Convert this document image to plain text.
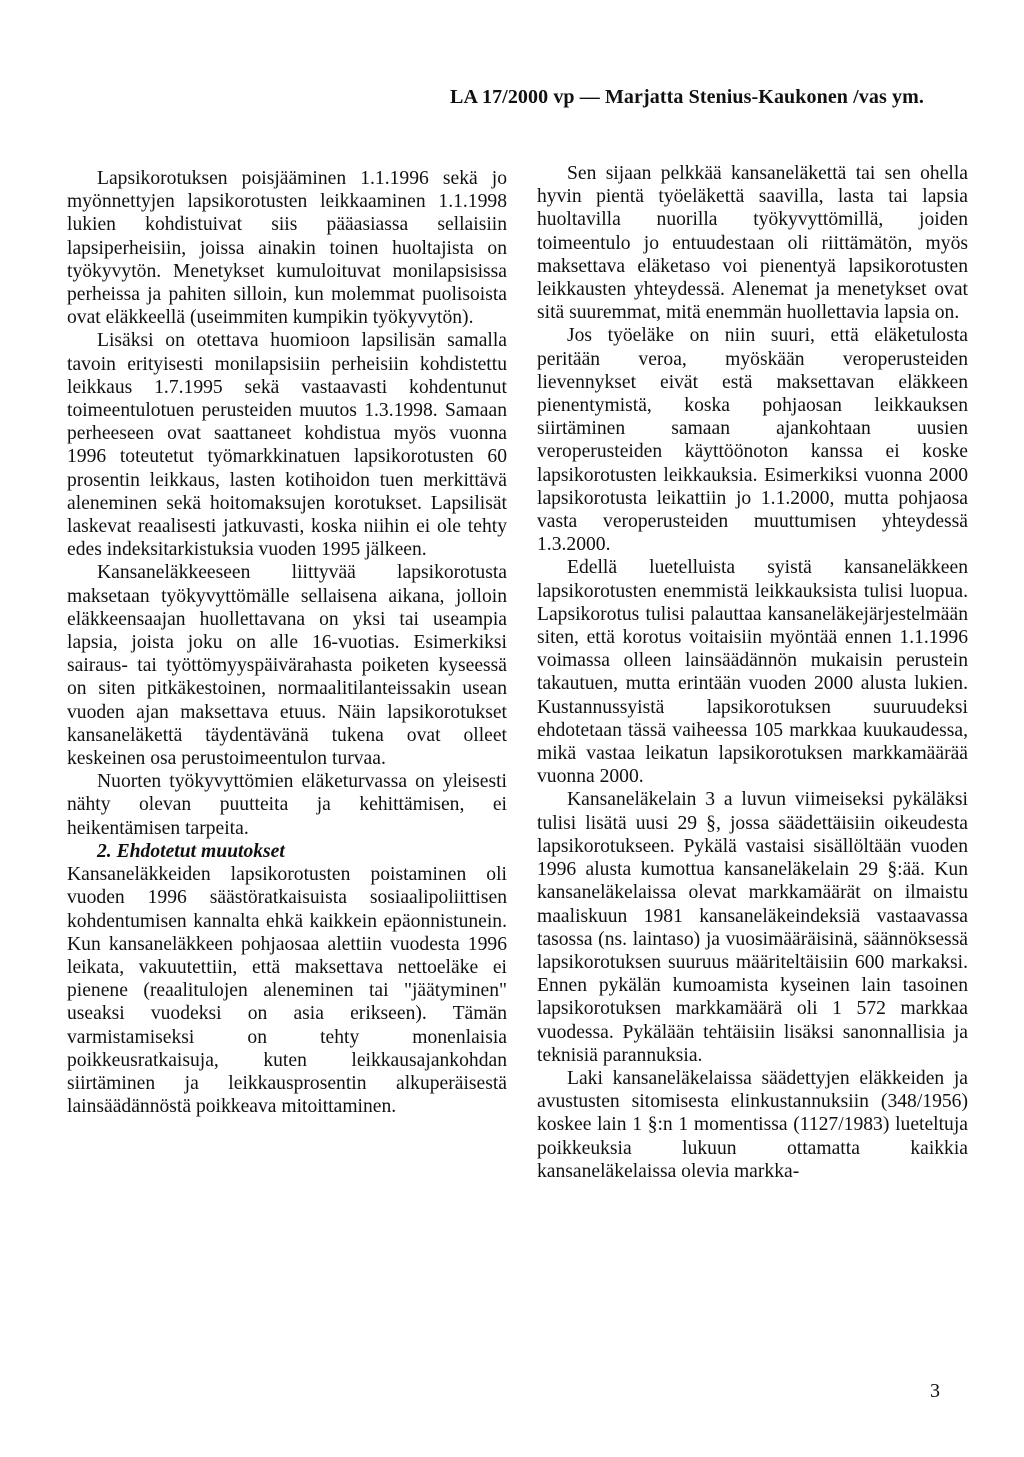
LA 17/2000 vp — Marjatta Stenius-Kaukonen /vas ym.

Lapsikorotuksen poisjääminen 1.1.1996 sekä jo myönnettyjen lapsikorotusten leikkaaminen 1.1.1998 lukien kohdistuivat siis pääasiassa sellaisiin lapsiperheisiin, joissa ainakin toinen huoltajista on työkyvytön. Menetykset kumuloituvat monilapsisissa perheissa ja pahiten silloin, kun molemmat puolisoista ovat eläkkeellä (useimmiten kumpikin työkyvytön).

Lisäksi on otettava huomioon lapsilisän samalla tavoin erityisesti monilapsisiin perheisiin kohdistettu leikkaus 1.7.1995 sekä vastaavasti kohdentunut toimeentulotuen perusteiden muutos 1.3.1998. Samaan perheeseen ovat saattaneet kohdistua myös vuonna 1996 toteutetut työmarkkinatuen lapsikorotusten 60 prosentin leikkaus, lasten kotihoidon tuen merkittävä aleneminen sekä hoitomaksujen korotukset. Lapsilisät laskevat reaalisesti jatkuvasti, koska niihin ei ole tehty edes indeksitarkistuksia vuoden 1995 jälkeen.

Kansaneläkkeeseen liittyvää lapsikorotusta maksetaan työkyvyttömälle sellaisena aikana, jolloin eläkkeensaajan huollettavana on yksi tai useampia lapsia, joista joku on alle 16-vuotias. Esimerkiksi sairaus- tai työttömyyspäivärahasta poiketen kyseessä on siten pitkäkestoinen, normaalitilanteissakin usean vuoden ajan maksettava etuus. Näin lapsikorotukset kansaneläkettä täydentävänä tukena ovat olleet keskeinen osa perustoimeentulon turvaa.

Nuorten työkyvyttömien eläketurvassa on yleisesti nähty olevan puutteita ja kehittämisen, ei heikentämisen tarpeita.

2. Ehdotetut muutokset

Kansaneläkkeiden lapsikorotusten poistaminen oli vuoden 1996 säästöratkaisuista sosiaalipoliittisen kohdentumisen kannalta ehkä kaikkein epäonnistunein. Kun kansaneläkkeen pohjaosaa alettiin vuodesta 1996 leikata, vakuutettiin, että maksettava nettoeläke ei pienene (reaalitulojen aleneminen tai "jäätyminen" useaksi vuodeksi on asia erikseen). Tämän varmistamiseksi on tehty monenlaisia poikkeusratkaisuja, kuten leikkausajankohdan siirtäminen ja leikkausprosentin alkuperäisestä lainsäädännöstä poikkeava mitoittaminen.

Sen sijaan pelkkää kansaneläkettä tai sen ohella hyvin pientä työeläkettä saavilla, lasta tai lapsia huoltavilla nuorilla työkyvyttömillä, joiden toimeentulo jo entuudestaan oli riittämätön, myös maksettava eläketaso voi pienentyä lapsikorotusten leikkausten yhteydessä. Alenemat ja menetykset ovat sitä suuremmat, mitä enemmän huollettavia lapsia on.

Jos työeläke on niin suuri, että eläketulosta peritään veroa, myöskään veroperusteiden lievennykset eivät estä maksettavan eläkkeen pienentymistä, koska pohjaosan leikkauksen siirtäminen samaan ajankohtaan uusien veroperusteiden käyttöönoton kanssa ei koske lapsikorotusten leikkauksia. Esimerkiksi vuonna 2000 lapsikorotusta leikattiin jo 1.1.2000, mutta pohjaosa vasta veroperusteiden muuttumisen yhteydessä 1.3.2000.

Edellä luetelluista syistä kansaneläkkeen lapsikorotusten enemmistä leikkauksista tulisi luopua. Lapsikorotus tulisi palauttaa kansaneläkejärjestelmään siten, että korotus voitaisiin myöntää ennen 1.1.1996 voimassa olleen lainsäädännön mukaisin perustein takautuen, mutta erintään vuoden 2000 alusta lukien. Kustannussyistä lapsikorotuksen suuruudeksi ehdotetaan tässä vaiheessa 105 markkaa kuukaudessa, mikä vastaa leikatun lapsikorotuksen markkamäärää vuonna 2000.

Kansaneläkelain 3 a luvun viimeiseksi pykäläksi tulisi lisätä uusi 29 §, jossa säädettäisiin oikeudesta lapsikorotukseen. Pykälä vastaisi sisällöltään vuoden 1996 alusta kumottua kansaneläkelain 29 §:ää. Kun kansaneläkelaissa olevat markkamäärät on ilmaistu maaliskuun 1981 kansaneläkeindeksiä vastaavassa tasossa (ns. laintaso) ja vuosimääräisinä, säännöksessä lapsikorotuksen suuruus määriteltäisiin 600 markaksi. Ennen pykälän kumoamista kyseinen lain tasoinen lapsikorotuksen markkamäärä oli 1 572 markkaa vuodessa. Pykälään tehtäisiin lisäksi sanonnallisia ja teknisiä parannuksia.

Laki kansaneläkelaissa säädettyjen eläkkeiden ja avustusten sitomisesta elinkustannuksiin (348/1956) koskee lain 1 §:n 1 momentissa (1127/1983) lueteltuja poikkeuksia lukuun ottamatta kaikkia kansaneläkelaissa olevia markka-

3
